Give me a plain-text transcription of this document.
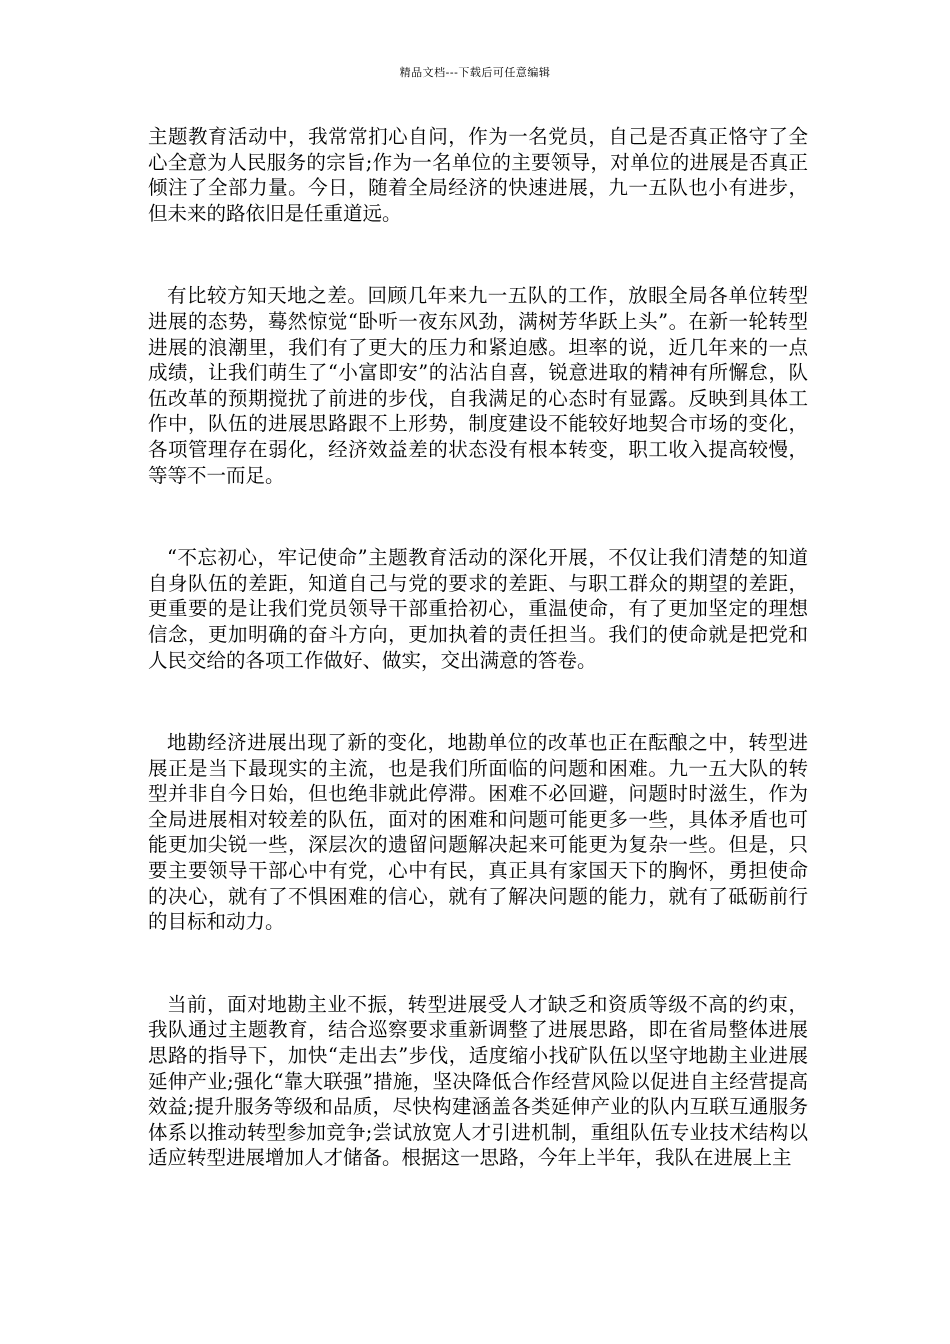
精品文档---下载后可任意编辑

主题教育活动中，我常常扪心自问，作为一名党员，自己是否真正恪守了全心全意为人民服务的宗旨;作为一名单位的主要领导，对单位的进展是否真正倾注了全部力量。今日，随着全局经济的快速进展，九一五队也小有进步，但未来的路依旧是任重道远。

有比较方知天地之差。回顾几年来九一五队的工作，放眼全局各单位转型进展的态势，蓦然惊觉“卧听一夜东风劲，满树芳华跃上头”。在新一轮转型进展的浪潮里，我们有了更大的压力和紧迫感。坦率的说，近几年来的一点成绩，让我们萌生了“小富即安”的沾沾自喜，锐意进取的精神有所懈怠，队伍改革的预期搅扰了前进的步伐，自我满足的心态时有显露。反映到具体工作中，队伍的进展思路跟不上形势，制度建设不能较好地契合市场的变化，各项管理存在弱化，经济效益差的状态没有根本转变，职工收入提高较慢，等等不一而足。

“不忘初心，牢记使命”主题教育活动的深化开展，不仅让我们清楚的知道自身队伍的差距，知道自己与党的要求的差距、与职工群众的期望的差距，更重要的是让我们党员领导干部重拾初心，重温使命，有了更加坚定的理想信念，更加明确的奋斗方向，更加执着的责任担当。我们的使命就是把党和人民交给的各项工作做好、做实，交出满意的答卷。

地勘经济进展出现了新的变化，地勘单位的改革也正在酝酿之中，转型进展正是当下最现实的主流，也是我们所面临的问题和困难。九一五大队的转型并非自今日始，但也绝非就此停滞。困难不必回避，问题时时滋生，作为全局进展相对较差的队伍，面对的困难和问题可能更多一些，具体矛盾也可能更加尖锐一些，深层次的遗留问题解决起来可能更为复杂一些。但是，只要主要领导干部心中有党，心中有民，真正具有家国天下的胸怀，勇担使命的决心，就有了不惧困难的信心，就有了解决问题的能力，就有了砥砺前行的目标和动力。

当前，面对地勘主业不振，转型进展受人才缺乏和资质等级不高的约束，我队通过主题教育，结合巡察要求重新调整了进展思路，即在省局整体进展思路的指导下，加快“走出去”步伐，适度缩小找矿队伍以坚守地勘主业进展延伸产业;强化“靠大联强”措施，坚决降低合作经营风险以促进自主经营提高效益;提升服务等级和品质，尽快构建涵盖各类延伸产业的队内互联互通服务体系以推动转型参加竞争;尝试放宽人才引进机制，重组队伍专业技术结构以适应转型进展增加人才储备。根据这一思路，今年上半年，我队在进展上主
